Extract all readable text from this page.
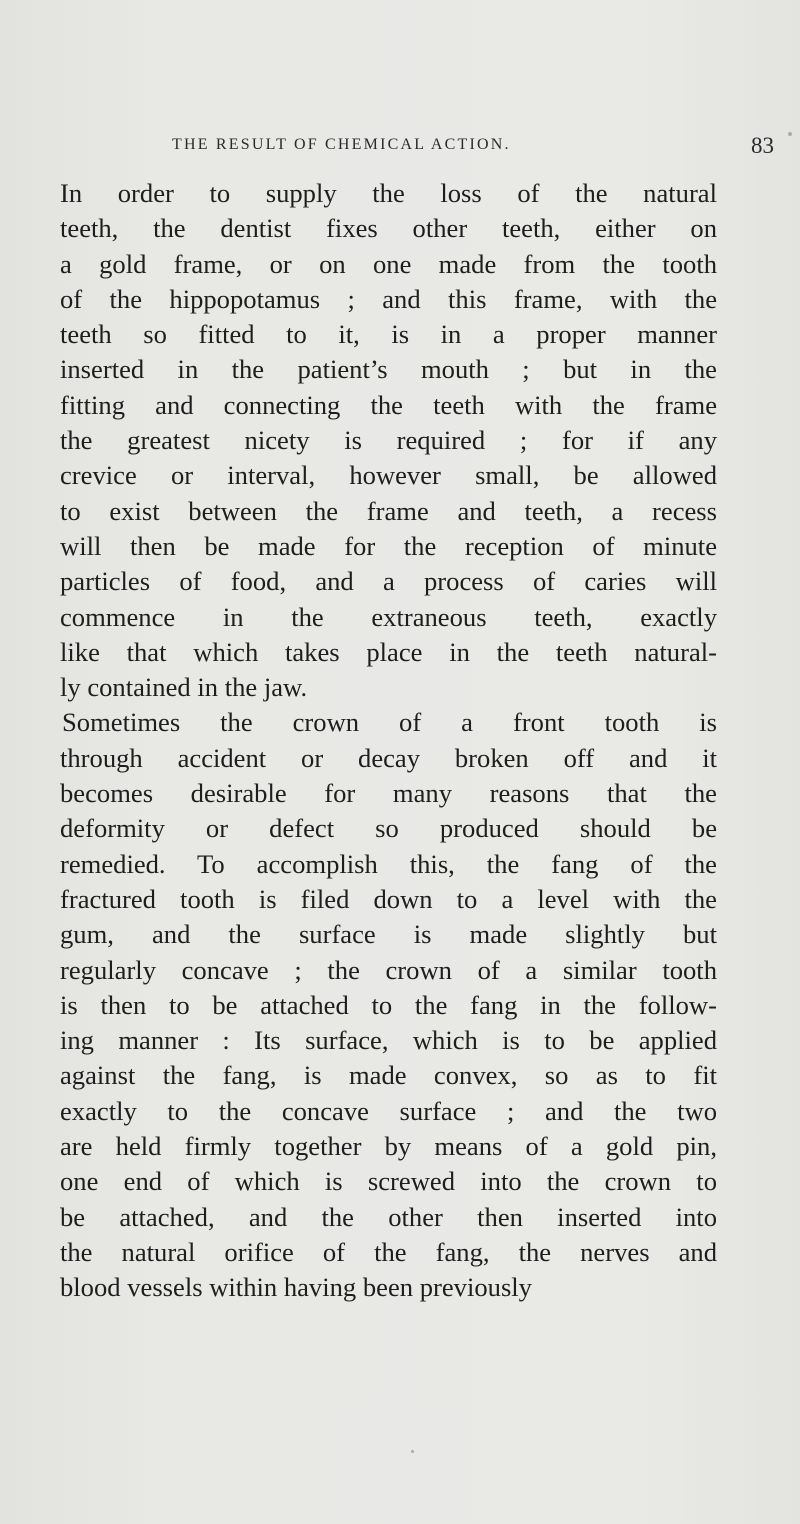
THE RESULT OF CHEMICAL ACTION.	83
In order to supply the loss of the natural
teeth, the dentist fixes other teeth, either on
a gold frame, or on one made from the tooth
of the hippopotamus ; and this frame, with the
teeth so fitted to it, is in a proper manner
inserted in the patient’s mouth ; but in the
fitting and connecting the teeth with the frame
the greatest nicety is required ; for if any
crevice or interval, however small, be allowed
to exist between the frame and teeth, a recess
will then be made for the reception of minute
particles of food, and a process of caries will
commence in the extraneous teeth, exactly
like that which takes place in the teeth natural-
ly contained in the jaw.
Sometimes the crown of a front tooth is
through accident or decay broken off and it
becomes desirable for many reasons that the
deformity or defect so produced should be
remedied. To accomplish this, the fang of the
fractured tooth is filed down to a level with the
gum, and the surface is made slightly but
regularly concave ; the crown of a similar tooth
is then to be attached to the fang in the follow-
ing manner : Its surface, which is to be applied
against the fang, is made convex, so as to fit
exactly to the concave surface ; and the two
are held firmly together by means of a gold pin,
one end of which is screwed into the crown to
be attached, and the other then inserted into
the natural orifice of the fang, the nerves and
blood vessels within having been previously
